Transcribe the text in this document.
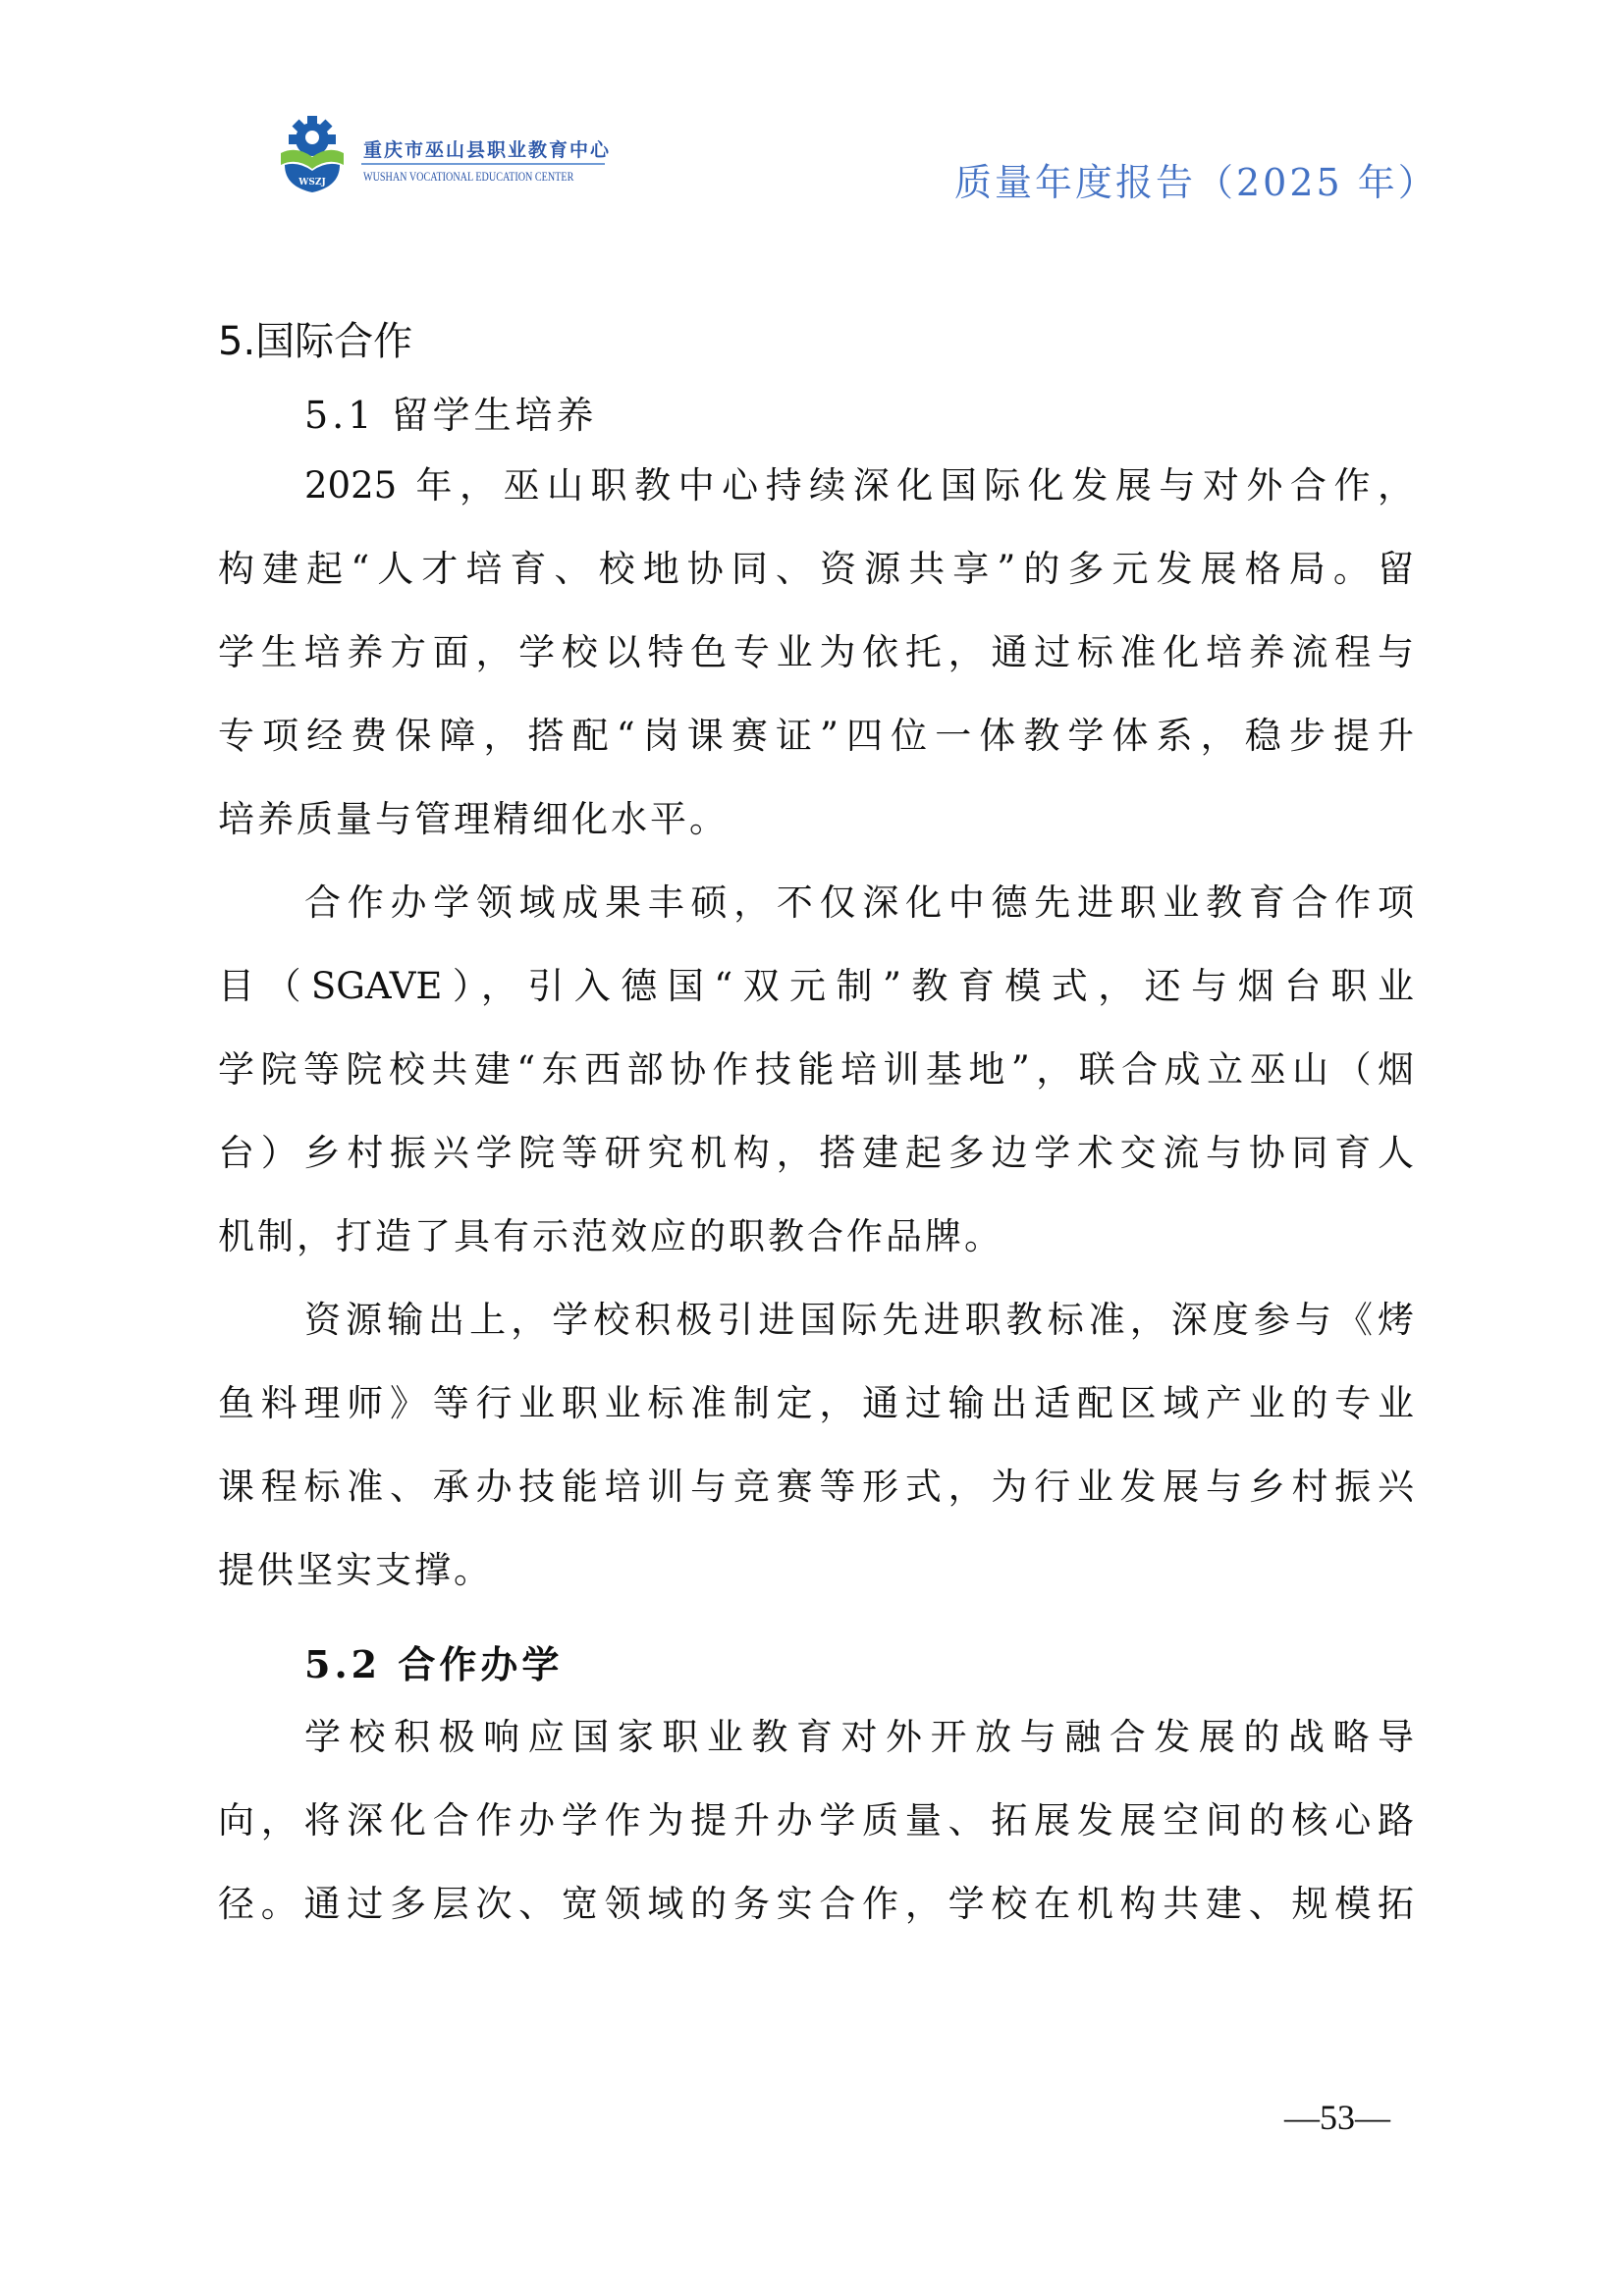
WSZJ
重庆市巫山县职业教育中心
WUSHAN VOCATIONAL EDUCATION CENTER	质量年度报告（2025 年）
5.国际合作
5.1 留学生培养
2025 年，巫山职教中心持续深化国际化发展与对外合作，
构建起“人才培育、校地协同、资源共享”的多元发展格局。留
学生培养方面，学校以特色专业为依托，通过标准化培养流程与
专项经费保障，搭配“岗课赛证”四位一体教学体系，稳步提升
培养质量与管理精细化水平。
合作办学领域成果丰硕，不仅深化中德先进职业教育合作项
目（SGAVE），引入德国“双元制”教育模式，还与烟台职业
学院等院校共建“东西部协作技能培训基地”，联合成立巫山（烟
台）乡村振兴学院等研究机构，搭建起多边学术交流与协同育人
机制，打造了具有示范效应的职教合作品牌。
资源输出上，学校积极引进国际先进职教标准，深度参与《烤
鱼料理师》等行业职业标准制定，通过输出适配区域产业的专业
课程标准、承办技能培训与竞赛等形式，为行业发展与乡村振兴
提供坚实支撑。
5.2 合作办学
学校积极响应国家职业教育对外开放与融合发展的战略导
向，将深化合作办学作为提升办学质量、拓展发展空间的核心路
径。通过多层次、宽领域的务实合作，学校在机构共建、规模拓
—53—
